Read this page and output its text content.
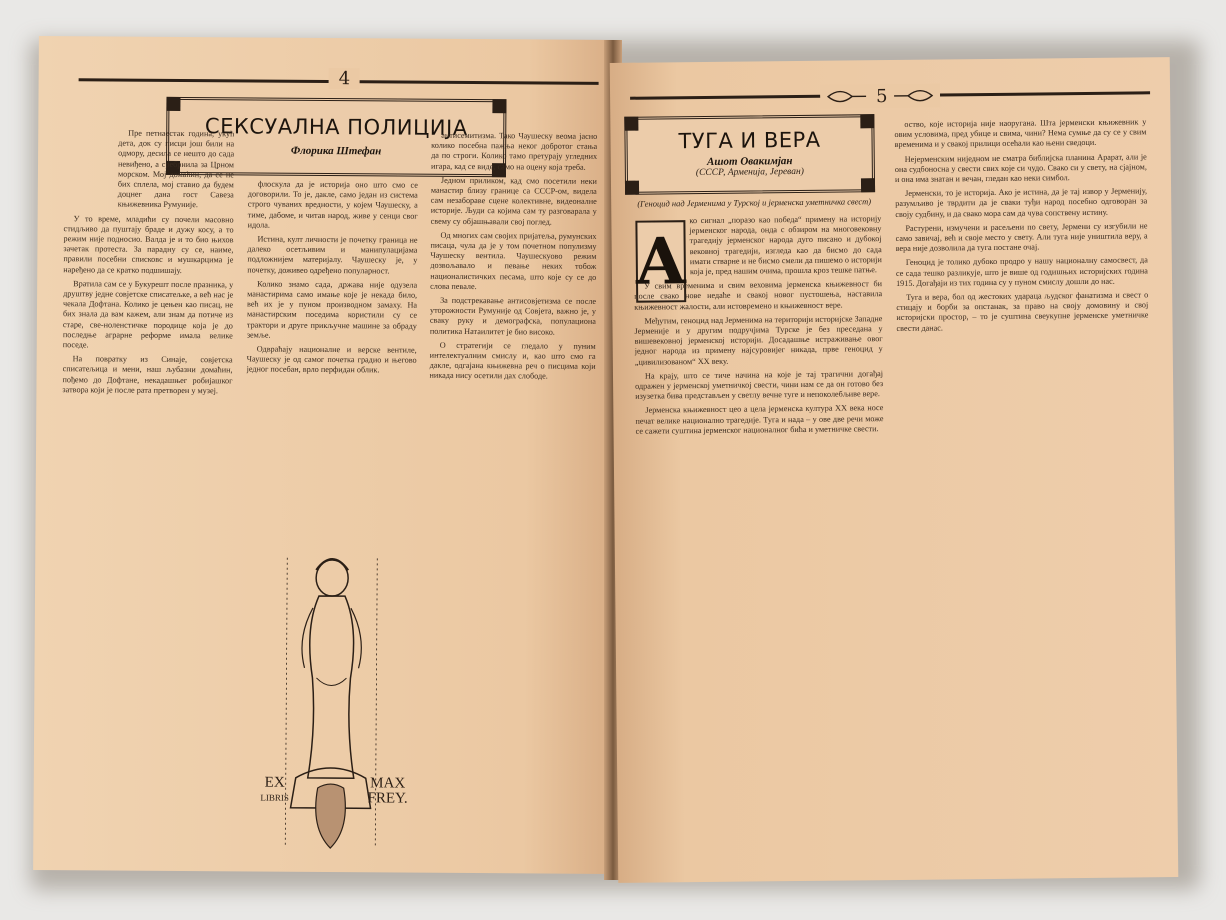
4
СЕКСУАЛНА ПОЛИЦИЈА
Флорика Штефан

Пре петнаестак година, укућ дета, док су писци још били на одмору, десила се нешто до сада невиђено, а сребрнила за Црном морском. Мој домаћин, да се не бих сплела, мој ставио да будем доцнег дана гост Савеза књижевника Румуније.

У то време, младићи су почели масовно стидљиво да пуштају браде и дужу косу, а то режим није подносио. Валда је и то био њихов зачетак протеста. За парадну су се, наиме, правили посебни списковс и мушкарцима је наређено да се кратко подшишају.

Вратила сам се у Букурешт после празника, у друштву једне совјетске списатељке, а већ нас је чекала Дофтана. Колико је цењен као писац, не бих знала да вам кажем, али знам да потиче из старе, све‑ноленстичке породице која је до последње аграрне реформе имала велике поседе.

На повратку из Синаје, совјетска списатељица и мени, наш љубазни домаћин, пођемо до Дофтане, некадашњег робијашког затвора који је после рата претворен у музеј.

флоскула да је историја оно што смо се договорили. То је, дакле, само један из система строго чуваних вредности, у којем Чаушеску, а тиме, дабоме, и читав народ, живе у сенци свог идола.

Истина, култ личности је почетку граница не далеко осетљивим и манипулацијама подложнијем материјалу. Чаушеску је, у почетку, доживео одређено популарност.

Колико знамо сада, држава није одузела манастирима само имање које је некада било, већ их је у пуном производном замаху. На манастирским поседима користили су се трактори и друге прикључне машине за обраду земље.

Одвраћају националне и верске вентиле, Чаушеску је од самог почетка градио и његово једног посебан, врло перфидан облик.

антисемитизма. Тако Чаушеску веома јасно колико посебна пажња неког добротог стања да по строги. Колико тамо претурају угледних игара, кад се виде, само на оцену која треба.

Једном приликом, кад смо посетили неки манастир близу границе са СССР‑ом, видела сам незабораве сцене колективне, видеоналне историје. Људи са којима сам ту разговарала у свему су објашњавали свој поглед.

Од многих сам својих пријатеља, румунских писаца, чула да је у том почетном популизму Чаушеску вентила. Чаушескуово режим дозвољавало и певање неких тобож националистичких песама, што које су се до слова певале.

За подстрекавање антисовјетизма се после уторожности Румуније од Совјета, важно је, у сваку руку и демографска, популациона политика Натаилитет је био високо.

О стратегији се гледало у пуним интелектуалним смислу и, као што смо га дакле, одгајана књижевна реч о писцима који никада нису осетили дах слободе.

EX
LIBRIS
MAX
FREY.
5
ТУГА И ВЕРА
Ашот Овакимјан
(СССР, Арменија, Јереван)
(Геноцид над Јерменима у Турској и јерменска уметничка свест)
А

ко сигнал „поразо као победа“ примену на историју јерменског народа, онда с обзиром на многовековну трагедију јерменског народа дуго писано и дубокој вековној трагедији, изгледа као да бисмо до сада имати стварне и не бисмо смели да пишемо о историји која је, пред нашим очима, прошла кроз тешке патње.

У свим временима и свим веховима јерменска књижевност би после свако нове недаће и свакој новог пустошења, наставила књижевност жалости, али истовремено и књижевност вере.

Међутим, геноцид над Јерменима на територији историјске Западне Јерменије и у другим подручјима Турске је без преседана у вишевековној јерменској историји. Досадашње истраживање овог једног народа из примену најсуровијег никада, прве геноцид у „цивилизованом“ XX веку.

На крају, што се тиче начина на које је тај трагични догађај одражен у јерменској уметничкој свести, чини нам се да он готово без изузетка бива представљен у светлу вечне туге и непоколебљиве вере.

Јерменска књижевност цео а цела јерменска култура XX века носе печат велике национално трагедије. Туга и нада – у ове две речи може се сажети суштина јерменског националног бића и уметничке свести.

оство, које историја није наоругана. Шта јерменски књижевник у овим условима, пред убице и свима, чини? Нема сумње да су се у свим временима и у свакој прилици осећали као њени сведоци.

Нејерменским ниједном не сматра библијска планина Арарат, али је она судбоносна у свести свих које си чудо. Свако си у свету, на сјајном, и она има знатан и вечан, гледан као неки симбол.

Јерменски, то је историја. Ако је истина, да је тај извор у Јерменију, разумљиво је тврдити да је сваки туђи народ посебно одговоран за своју судбину, и да свако мора сам да чува сопствену истину.

Растурени, измучени и расељени по свету, Јермени су изгубили не само завичај, већ и своје место у свету. Али туга није уништила веру, а вера није дозволила да туга постане очај.

Геноцид је толико дубоко продро у нашу националну самосвест, да се сада тешко разликује, што је више од годишњих историјских година 1915. Догађаји из тих година су у пуном смислу дошли до нас.

Туга и вера, бол од жестоких удараца људског фанатизма и свест о стицају и борби за опстанак, за право на своју домовину и свој историјски простор, – то је суштина свеукупне јерменске уметничке свести данас.
